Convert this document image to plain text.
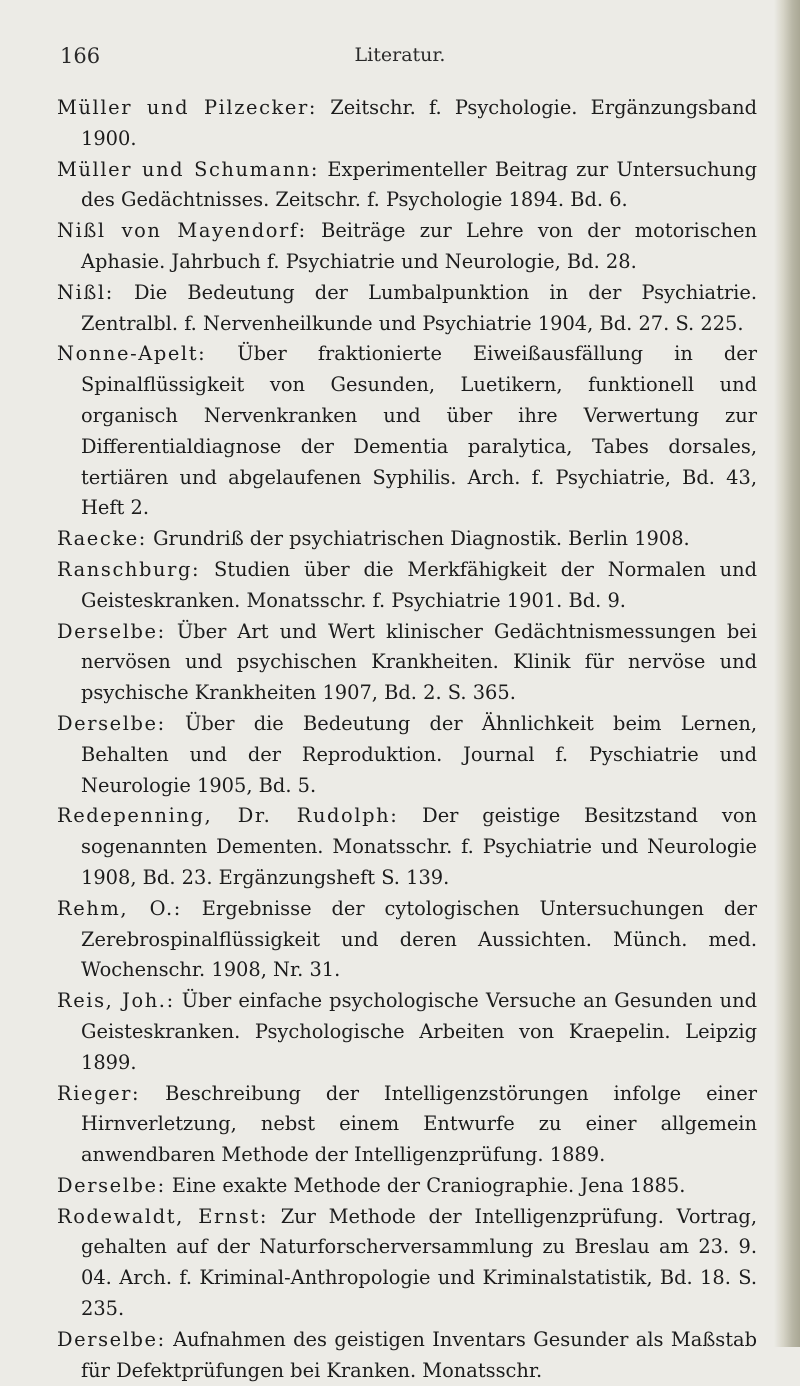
166	Literatur.

Müller und Pilzecker: Zeitschr. f. Psychologie. Ergänzungsband 1900.

Müller und Schumann: Experimenteller Beitrag zur Untersuchung des Gedächtnisses. Zeitschr. f. Psychologie 1894. Bd. 6.

Nißl von Mayendorf: Beiträge zur Lehre von der motorischen Aphasie. Jahrbuch f. Psychiatrie und Neurologie, Bd. 28.

Nißl: Die Bedeutung der Lumbalpunktion in der Psychiatrie. Zentralbl. f. Nervenheilkunde und Psychiatrie 1904, Bd. 27. S. 225.

Nonne-Apelt: Über fraktionierte Eiweißausfällung in der Spinalflüssigkeit von Gesunden, Luetikern, funktionell und organisch Nervenkranken und über ihre Verwertung zur Differentialdiagnose der Dementia paralytica, Tabes dorsales, tertiären und abgelaufenen Syphilis. Arch. f. Psychiatrie, Bd. 43, Heft 2.

Raecke: Grundriß der psychiatrischen Diagnostik. Berlin 1908.

Ranschburg: Studien über die Merkfähigkeit der Normalen und Geisteskranken. Monatsschr. f. Psychiatrie 1901. Bd. 9.

Derselbe: Über Art und Wert klinischer Gedächtnismessungen bei nervösen und psychischen Krankheiten. Klinik für nervöse und psychische Krankheiten 1907, Bd. 2. S. 365.

Derselbe: Über die Bedeutung der Ähnlichkeit beim Lernen, Behalten und der Reproduktion. Journal f. Pyschiatrie und Neurologie 1905, Bd. 5.

Redepenning, Dr. Rudolph: Der geistige Besitzstand von sogenannten Dementen. Monatsschr. f. Psychiatrie und Neurologie 1908, Bd. 23. Ergänzungsheft S. 139.

Rehm, O.: Ergebnisse der cytologischen Untersuchungen der Zerebrospinalflüssigkeit und deren Aussichten. Münch. med. Wochenschr. 1908, Nr. 31.

Reis, Joh.: Über einfache psychologische Versuche an Gesunden und Geisteskranken. Psychologische Arbeiten von Kraepelin. Leipzig 1899.

Rieger: Beschreibung der Intelligenzstörungen infolge einer Hirnverletzung, nebst einem Entwurfe zu einer allgemein anwendbaren Methode der Intelligenzprüfung. 1889.

Derselbe: Eine exakte Methode der Craniographie. Jena 1885.

Rodewaldt, Ernst: Zur Methode der Intelligenzprüfung. Vortrag, gehalten auf der Naturforscherversammlung zu Breslau am 23. 9. 04. Arch. f. Kriminal-Anthropologie und Kriminalstatistik, Bd. 18. S. 235.

Derselbe: Aufnahmen des geistigen Inventars Gesunder als Maßstab für Defektprüfungen bei Kranken. Monatsschr.
